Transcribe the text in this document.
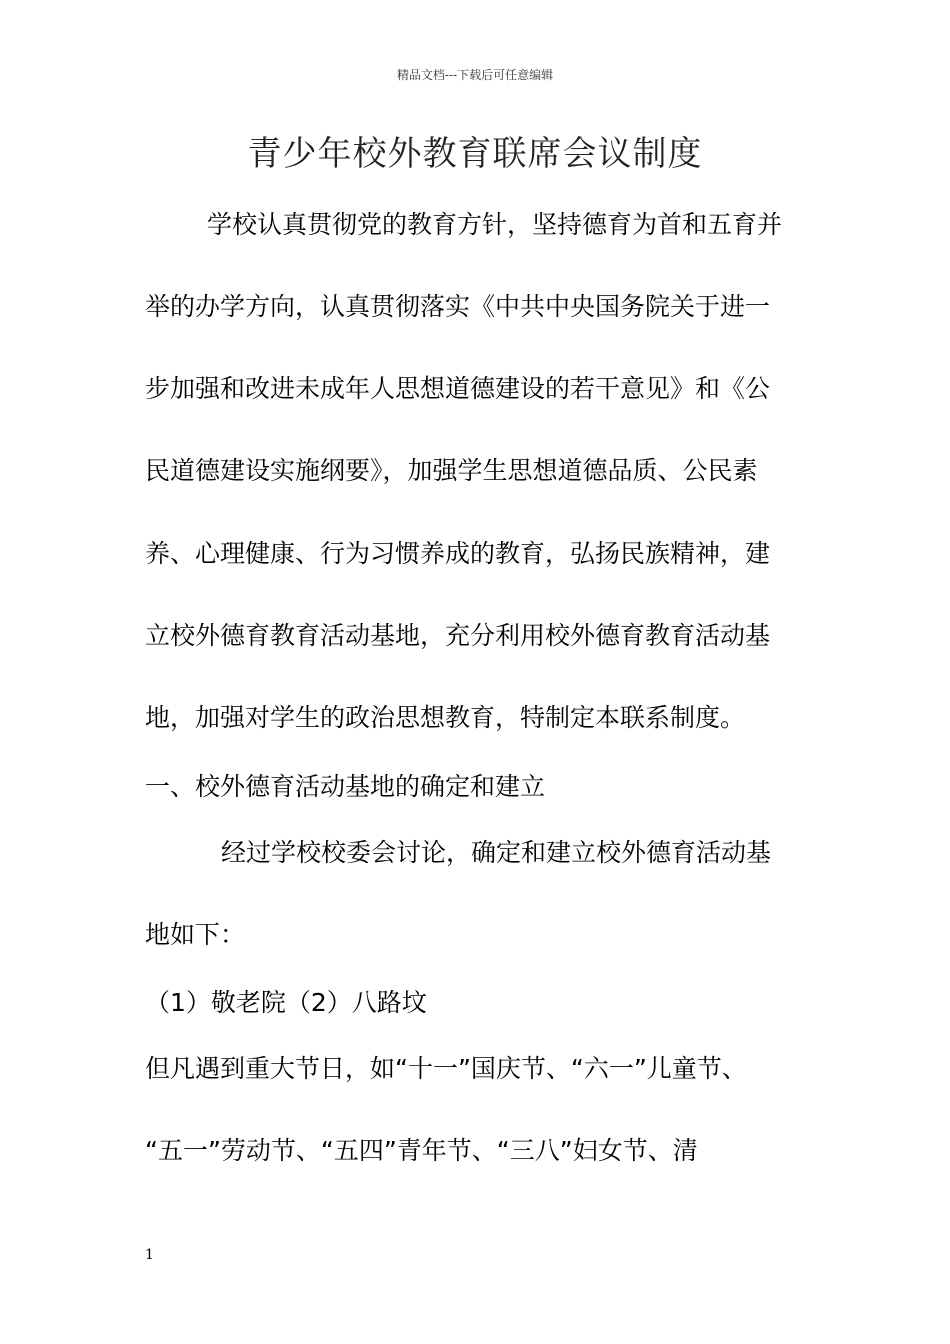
精品文档---下载后可任意编辑
青少年校外教育联席会议制度
学校认真贯彻党的教育方针，坚持德育为首和五育并
举的办学方向，认真贯彻落实《中共中央国务院关于进一
步加强和改进未成年人思想道德建设的若干意见》和《公
民道德建设实施纲要》，加强学生思想道德品质、公民素
养、心理健康、行为习惯养成的教育，弘扬民族精神，建
立校外德育教育活动基地，充分利用校外德育教育活动基
地，加强对学生的政治思想教育，特制定本联系制度。
一、校外德育活动基地的确定和建立
经过学校校委会讨论，确定和建立校外德育活动基
地如下：
（1）敬老院（2）八路坟
但凡遇到重大节日，如“十一”国庆节、“六一”儿童节、
“五一”劳动节、“五四”青年节、“三八”妇女节、清
1
